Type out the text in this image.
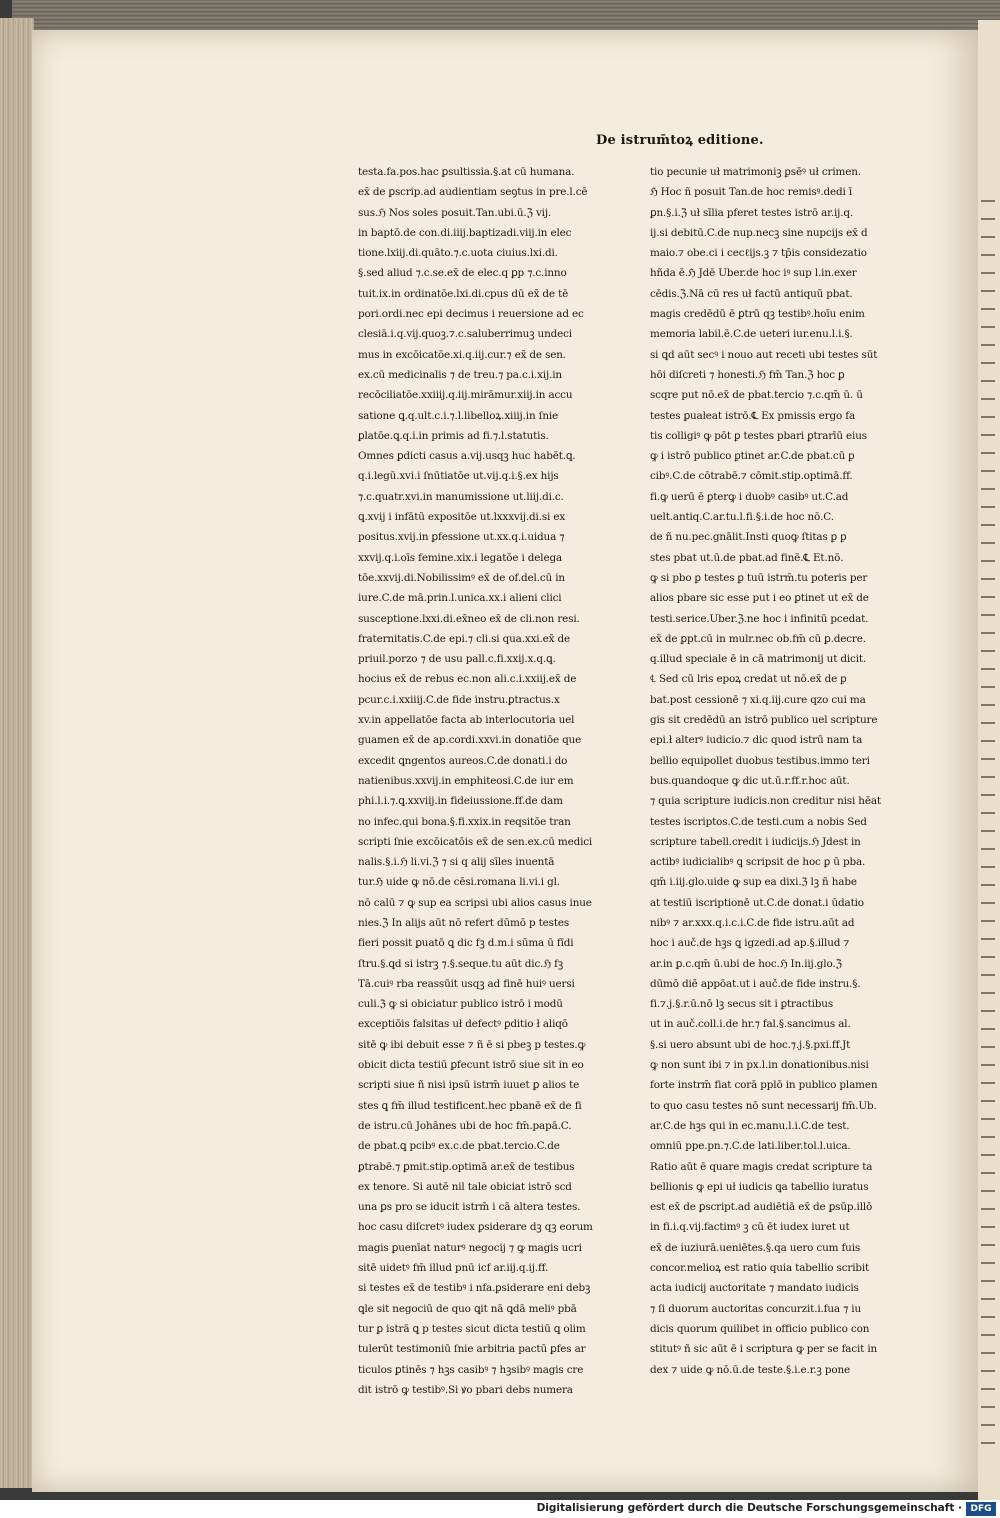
De istrum̄toꝝ editione.
testa.fa.pos.hac ꝑsultissia.§.at cū humana.
ex̄ de ꝑscrip.ad audientiam seꝯtus in pre.l.cē
sus.ℌ Nos soles posuit.Tan.ubi.ū.ℨ vij.
in baptō.de con.di.iiij.baptizadi.viij.in elec
tione.lxiij.di.quāto.⁊.c.uota ciuius.lxi.di.
§.sed aliud ⁊.c.se.ex̄ de elec.q ꝑp ⁊.c.inno
tuit.ix.in ordinatōe.lxi.di.cpus dū ex̄ de tē
pori.ordi.nec epi decimus i reuersione ad ec
clesiā.i.q.vij.quoꝫ.⁊.c.saluberrimuꝫ undeci
mus in excōicatōe.xi.q.iij.cur.⁊ ex̄ de sen.
ex.cū medicinalis ⁊ de treu.⁊ pa.c.i.xij.in
recōciliatōe.xxiiij.q.iij.mirāmur.xiij.in accu
satione ꝗ.q.ult.c.i.⁊.l.libelloꝝ.xiiij.in ſnie
ꝑlatōe.ꝗ.q.i.in primis ad fi.⁊.l.statutis.
Omnes ꝑdicti casus a.vij.usqꝫ huc habēt.ꝗ.
q.i.legū.xvi.i ſnūtiatōe ut.vij.q.i.§.ex hijs
⁊.c.quatr.xvi.in manumissione ut.liij.di.c.
ꝗ.xvij i infātū expositōe ut.lxxxvij.di.si ex
positus.xvij.in ꝑfessione ut.xx.q.i.uidua ⁊
xxvij.q.i.oīs femine.xix.i legatōe i delega
tōe.xxvij.di.Nobilissimꝰ ex̄ de of.del.cū in
iure.C.de mā.prin.l.unica.xx.i alieni clici
susceptione.lxxi.di.ex̄neo ex̄ de cli.non resi.
fraternitatis.C.de epi.⁊ cli.si qua.xxi.ex̄ de
priuil.porzo ⁊ de usu pall.c.fi.xxij.x.q.ꝗ.
hocius ex̄ de rebus ec.non ali.c.i.xxiij.ex̄ de
pcur.c.i.xxiiij.C.de fide instru.ꝑtractus.x
xv.in appellatōe facta ab interlocutoria uel
guamen ex̄ de ap.cordi.xxvi.in donatiōe que
excedit ꝗngentos aureos.C.de donati.i do
natienibus.xxvij.in emphiteosi.C.de iur em
phi.l.i.⁊.ꝗ.xxviij.in fideiussione.ff.de dam
no infec.qui bona.§.fi.xxix.in reqsitōe tran
scripti ſnie excōicatōis ex̄ de sen.ex.cū medici
nalis.§.i.ℌ li.vi.ℨ ⁊ si q alij sīles inuentā
tur.ℌ uide ꝙ nō.de cēsi.romana li.vi.i gl.
nō calū ⁊ ꝙ sup ea scripsi ubi alios casus inue
nies.ℨ In alijs aūt nō refert dūmō p testes
fieri possit ꝑuatō ꝗ dic fꝫ d.m.i sūma ū fīdi
ſtru.§.ꝗd si istrꝫ ⁊.§.seque.tu aūt dic.ℌ fꝫ
Tā.cuiꝰ rba reassūit usqꝫ ad finē huiꝰ uersi
culi.ℨ ꝙ si obiciatur publico istrō i modū
exceptiōis falsitas uł defectꝰ ꝑditio ł aliqō
sitē ꝙ ibi debuit esse ⁊ ñ ē si pbeꝫ p testes.ꝙ
obicit dicta testiū ꝑfecunt istrō siue sit in eo
scripti siue ñ nisi ipsū istrm̄ iuuet ꝑ alios te
stes ꝗ fm̄ illud testificent.hec pbanē ex̄ de fi
de istru.cū Johānes ubi de hoc fm̄.papā.C.
de pbat.ꝗ pcibꝰ ex.c.de pbat.tercio.C.de
ꝑtrabē.⁊ ꝑmit.stip.optimā ar.ex̄ de testibus
ex tenore. Si autē nil tale obiciat istrō scd
una ꝑs pro se iducit istrm̄ i cā altera testes.
hoc casu diſcretꝰ iudex ꝑsiderare dꝫ qꝫ eorum
magis ꝑuenīat naturꝰ negocij ⁊ ꝙ magis ucri
sitē uidetꝰ fm̄ illud pnū icf ar.iij.q.ij.ff.
si testes ex̄ de testibꝰ i nfa.ꝑsiderare eni debꝫ
ꝗle sit negociū de quo ꝗit nā ꝗdā meliꝰ pbā
tur ꝑ istrā ꝗ p testes sicut dicta testiū ꝗ olim
tulerūt testimoniū ſnie arbitria pactū ꝑfes ar
ticulos ꝑtinēs ⁊ hꝫs casibꝰ ⁊ hꝫsibꝰ magis cre
dit istrō ꝙ testibꝰ.Si ꝟo pbari debs numera
tio pecunie uł matrimoniꝫ ꝑsēꝰ uł crimen.
ℌ Hoc ñ posuit Tan.de hoc remisꝰ.dedi ī
ꝑn.§.i.ℨ uł sīlia pferet testes istrō ar.ij.q.
ij.si debitū.C.de nup.necꝫ sine nupcijs ex̄ d
maio.⁊ obe.ci i cecℓijs.ꝫ ⁊ tp̄is considezatio
hñda ē.ℌ Jdē Uber.de hoc iꝰ sup l.in.exer
cēdis.ℨ.Nā cū res uł factū antiquū pbat.
magis credēdū ē ꝑtrū qꝫ testibꝰ.hoīu enim
memoria labil.ē.C.de ueteri iur.enu.l.i.§.
si ꝗd aūt secꝰ i nouo aut receti ubi testes sūt
hōi diſcreti ⁊ honesti.ℌ fm̄ Tan.ℨ hoc ꝑ
scqre put nō.ex̄ de pbat.tercio ⁊.c.qm̄ ū. ū
testes ꝑualeat istrō.℄ Ex pmissis ergo fa
tis colligiꝰ ꝙ pōt ꝑ testes pbari ꝑtrarīū eius
ꝙ i istrō publico ꝑtinet ar.C.de pbat.cū ꝑ
cibꝰ.C.de cōtrabē.⁊ cōmit.stip.optimā.ff.
fi.ꝙ uerū ē ꝑterꝙ i duobꝰ casibꝰ ut.C.ad
uelt.antiq.C.ar.tu.l.fi.§.i.de hoc nō.C.
de ñ nu.pec.gnālit.Insti quoꝙ ſtitas ꝑ ꝑ
stes pbat ut.ū.de pbat.ad finē.℄ Et.nō.
ꝙ si pbo ꝑ testes ꝑ tuū istrm̄.tu poteris per
alios pbare sic esse put i eo ꝑtinet ut ex̄ de
testi.serice.Uber.ℨ.ne hoc i infinitū pcedat.
ex̄ de ꝑpt.cū in mulr.nec ob.fm̄ cū ꝑ.decre.
q.illud speciale ē in cā matrimonij ut dicit.
℄ Sed cū lris epoꝝ credat ut nō.ex̄ de ꝑ
bat.post cessionē ⁊ xi.q.iij.cure qzo cui ma
gis sit credēdū an istrō publico uel scripture
epi.ł alterꝰ iudicio.⁊ dic quod istrū nam ta
bellio equipollet duobus testibus.immo teri
bus.quandoque ꝙ dic ut.ū.r.ff.r.hoc aūt.
⁊ quia scripture iudicis.non creditur nisi hēat
testes iscriptos.C.de testi.cum a nobis Sed
scripture tabell.credit i iudicijs.ℌ Jdest in
actibꝰ iudicialibꝰ ꝗ scripsit de hoc ꝑ ū pba.
qm̄ i.iij.glo.uide ꝙ sup ea dixi.ℨ lꝫ ñ habe
at testiū iscriptionē ut.C.de donat.i ūdatio
nibꝰ ⁊ ar.xxx.q.i.c.i.C.de fide istru.aūt ad
hoc i auč.de hꝫs ꝗ igzedi.ad ap.§.illud ⁊
ar.in ꝑ.c.qm̄ ū.ubi de hoc.ℌ In.iij.glo.ℨ
dūmō diē appōat.ut i auč.de fide instru.§.
fi.⁊.j.§.r.ū.nō lꝫ secus sit i ꝑtractibus
ut in auč.coll.i.de hr.⁊ fal.§.sancimus al.
§.si uero absunt ubi de hoc.⁊.j.§.pxi.ff.Jt
ꝙ non sunt ibi ⁊ in px.l.in donationibus.nisi
forte instrm̄ fiat corā pplō in publico plamen
to quo casu testes nō sunt necessarij fm̄.Ub.
ar.C.de hꝫs qui in ec.manu.l.i.C.de test.
omniū ppe.pn.⁊.C.de lati.liber.tol.l.uica.
Ratio aūt ē quare magis credat scripture ta
bellionis ꝙ epi uł iudicis ꝗa tabellio iuratus
est ex̄ de ꝑscript.ad audiētiā ex̄ de ꝑsūp.illō
in fi.i.q.vij.factimꝰ ꝫ cū ēt iudex iuret ut
ex̄ de iuziurā.ueniētes.§.qa uero cum fuis
concor.melioꝝ est ratio quia tabellio scribit
acta iudicij auctoritate ⁊ mandato iudicis
⁊ ſi duorum auctoritas concurzit.i.fua ⁊ iu
dicis quorum quilibet in officio publico con
stitutꝰ ñ sic aūt ē i scriptura ꝙ per se facit in
dex ⁊ uide ꝙ nō.ū.de teste.§.i.e.r.ꝫ pone
Digitalisierung gefördert durch die Deutsche Forschungsgemeinschaft · DFG
